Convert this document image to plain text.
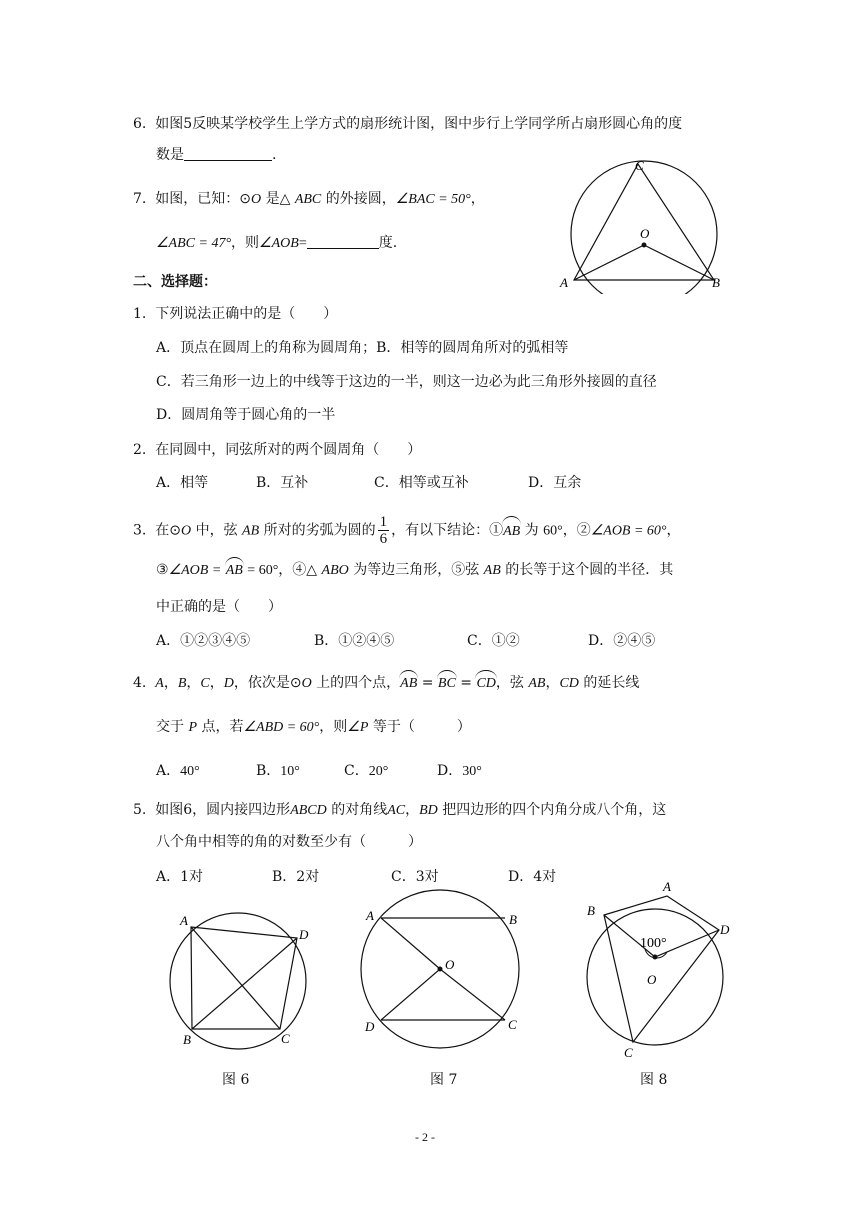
6. 如图5反映某学校学生上学方式的扇形统计图，图中步行上学同学所占扇形圆心角的度
数是	.
7. 如图，已知：⊙O 是△ ABC 的外接圆，∠BAC = 50°，
∠ABC = 47°，则∠AOB=	度.
A	B
C
O
二、选择题：
1. 下列说法正确中的是（　　）
A．顶点在圆周上的角称为圆周角；B．相等的圆周角所对的弧相等
C．若三角形一边上的中线等于这边的一半，则这一边必为此三角形外接圆的直径
D．圆周角等于圆心角的一半
2. 在同圆中，同弦所对的两个圆周角（　　）
A．相等	B．互补	C．相等或互补	D．互余
3. 在⊙O 中，弦 AB 所对的劣弧为圆的 $\frac{1}{6}$ ，有以下结论：①AB 为 60°，②∠AOB = 60°，
③∠AOB = AB = 60°，④△ ABO 为等边三角形，⑤弦 AB 的长等于这个圆的半径．其
中正确的是（　　）
A．①②③④⑤	B．①②④⑤	C．①②	D．②④⑤
4. A，B，C，D，依次是⊙O 上的四个点，AB = BC = CD，弦 AB，CD 的延长线
交于 P 点，若∠ABD = 60°，则∠P 等于（　　　）
A．40°	B．10°	C．20°	D．30°
5. 如图6，圆内接四边形ABCD 的对角线AC，BD 把四边形的四个内角分成八个角，这
八个角中相等的角的对数至少有（　　　）
A．1对	B．2对	C．3对	D．4对
A
D
B	C
图 6
A	B
O
D	C
图 7
B
A
D
O
C
100°
图 8
- 2 -
